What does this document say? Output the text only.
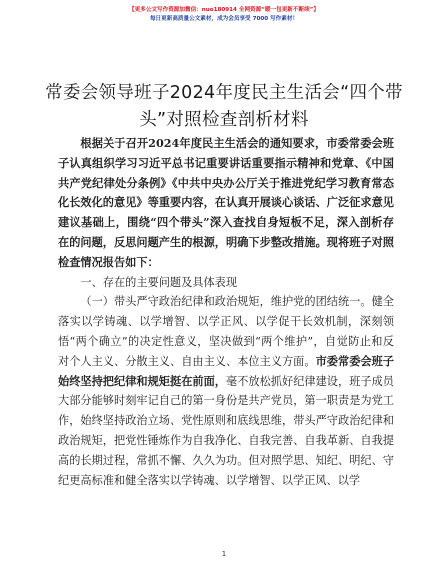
【更多公文写作资源加微信：nuo180914 全网资源“暖一包更新不断续”】
每日更新高质量公文素材，成为会员享受 7000 写作素材！
常委会领导班子2024年度民主生活会“四个带头”对照检查剖析材料

根据关于召开2024年度民主生活会的通知要求，市委常委会班子认真组织学习习近平总书记重要讲话重要指示精神和党章、《中国共产党纪律处分条例》《中共中央办公厅关于推进党纪学习教育常态化长效化的意见》等重要内容，在认真开展谈心谈话、广泛征求意见建议基础上，围绕“四个带头”深入查找自身短板不足，深入剖析存在的问题，反思问题产生的根源，明确下步整改措施。现将班子对照检查情况报告如下：

一、存在的主要问题及具体表现

（一）带头严守政治纪律和政治规矩，维护党的团结统一。健全落实以学铸魂、以学增智、以学正风、以学促干长效机制，深刻领悟“两个确立”的决定性意义，坚决做到“两个维护”，自觉防止和反对个人主义、分散主义、自由主义、本位主义方面。市委常委会班子始终坚持把纪律和规矩挺在前面，毫不放松抓好纪律建设，班子成员大部分能够时刻牢记自己的第一身份是共产党员，第一职责是为党工作，始终坚持政治立场、党性原则和底线思维，带头严守政治纪律和政治规矩，把党性锤炼作为自我净化、自我完善、自我革新、自我提高的长期过程，常抓不懈、久久为功。但对照学思、知纪、明纪、守纪更高标准和健全落实以学铸魂、以学增智、以学正风、以学

1
